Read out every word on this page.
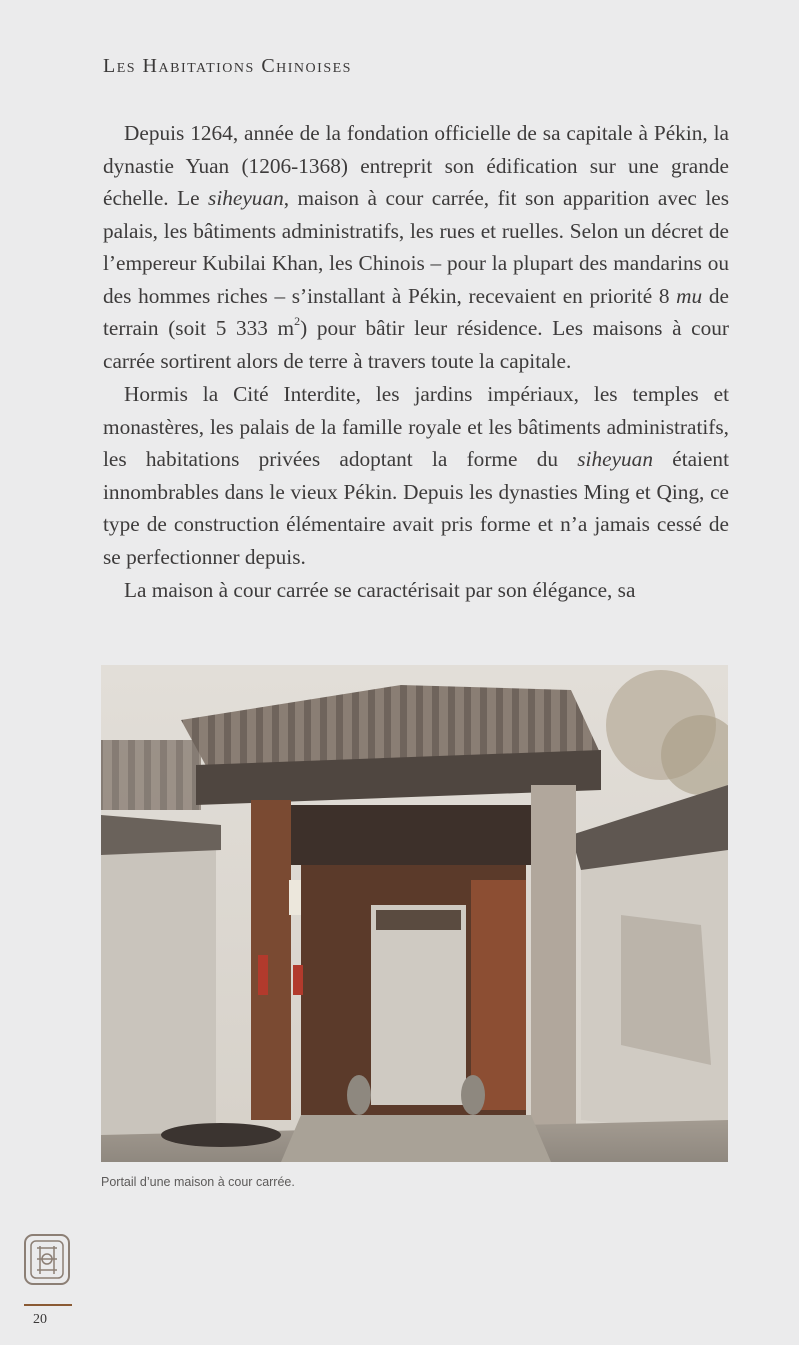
Les Habitations Chinoises

Depuis 1264, année de la fondation officielle de sa capitale à Pékin, la dynastie Yuan (1206-1368) entreprit son édification sur une grande échelle. Le siheyuan, maison à cour carrée, fit son apparition avec les palais, les bâtiments administratifs, les rues et ruelles. Selon un décret de l’empereur Kubilai Khan, les Chinois – pour la plupart des mandarins ou des hommes riches – s’installant à Pékin, recevaient en priorité 8 mu de terrain (soit 5 333 $m^2$) pour bâtir leur résidence. Les maisons à cour carrée sortirent alors de terre à travers toute la capitale.

Hormis la Cité Interdite, les jardins impériaux, les temples et monastères, les palais de la famille royale et les bâtiments administratifs, les habitations privées adoptant la forme du siheyuan étaient innombrables dans le vieux Pékin. Depuis les dynasties Ming et Qing, ce type de construction élémentaire avait pris forme et n’a jamais cessé de se perfectionner depuis.

La maison à cour carrée se caractérisait par son élégance, sa

Portail d’une maison à cour carrée.
20
